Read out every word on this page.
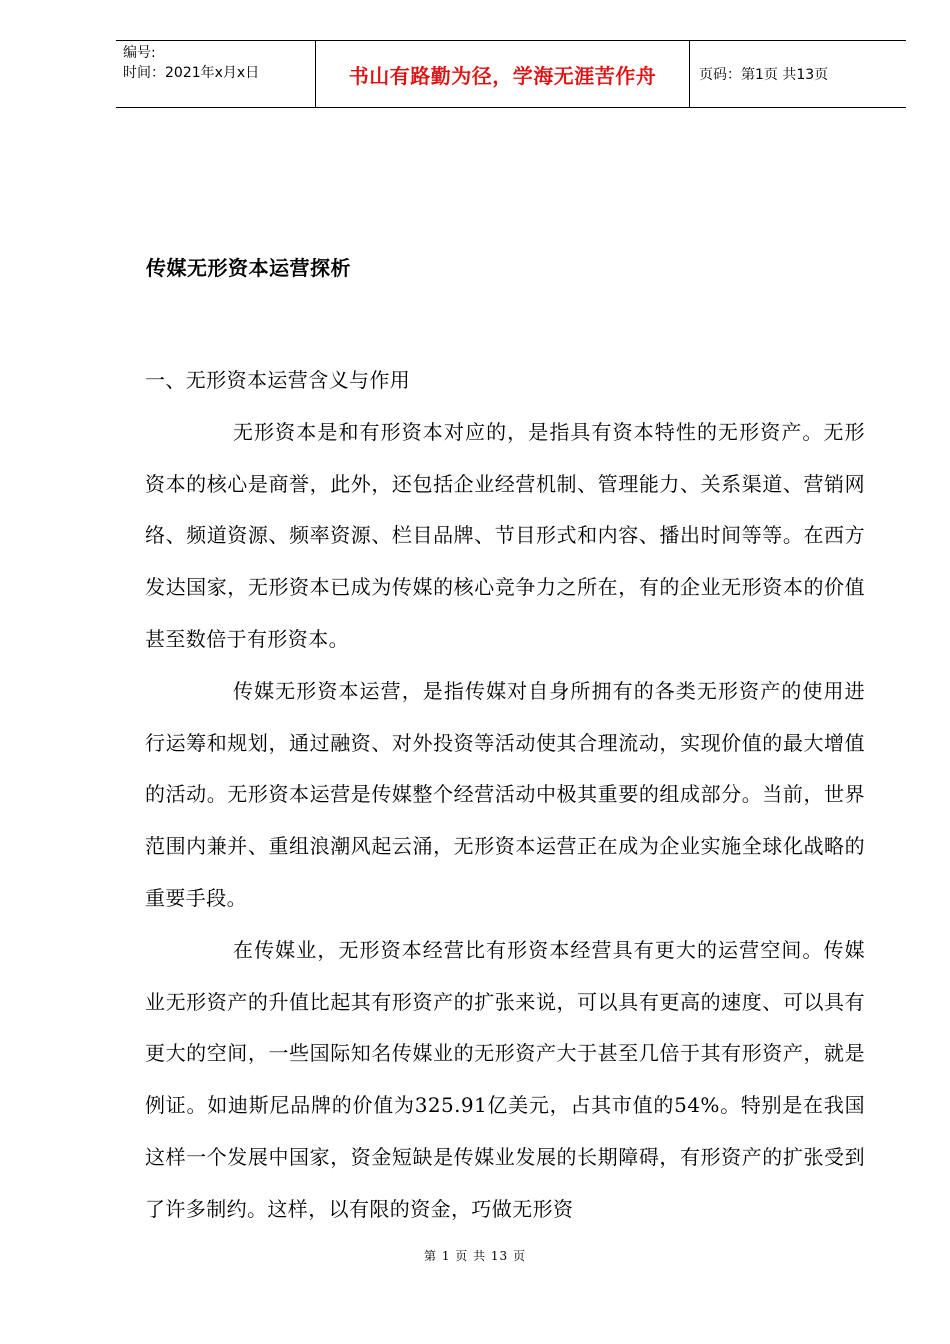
编号:
时间：2021年x月x日	书山有路勤为径，学海无涯苦作舟	页码：第1页 共13页
传媒无形资本运营探析
一、无形资本运营含义与作用

无形资本是和有形资本对应的，是指具有资本特性的无形资产。无形资本的核心是商誉，此外，还包括企业经营机制、管理能力、关系渠道、营销网络、频道资源、频率资源、栏目品牌、节目形式和内容、播出时间等等。在西方发达国家，无形资本已成为传媒的核心竞争力之所在，有的企业无形资本的价值甚至数倍于有形资本。

传媒无形资本运营，是指传媒对自身所拥有的各类无形资产的使用进行运筹和规划，通过融资、对外投资等活动使其合理流动，实现价值的最大增值的活动。无形资本运营是传媒整个经营活动中极其重要的组成部分。当前，世界范围内兼并、重组浪潮风起云涌，无形资本运营正在成为企业实施全球化战略的重要手段。

在传媒业，无形资本经营比有形资本经营具有更大的运营空间。传媒业无形资产的升值比起其有形资产的扩张来说，可以具有更高的速度、可以具有更大的空间，一些国际知名传媒业的无形资产大于甚至几倍于其有形资产，就是例证。如迪斯尼品牌的价值为325.91亿美元，占其市值的54%。特别是在我国这样一个发展中国家，资金短缺是传媒业发展的长期障碍，有形资产的扩张受到了许多制约。这样，以有限的资金，巧做无形资

第 1 页 共 13 页
